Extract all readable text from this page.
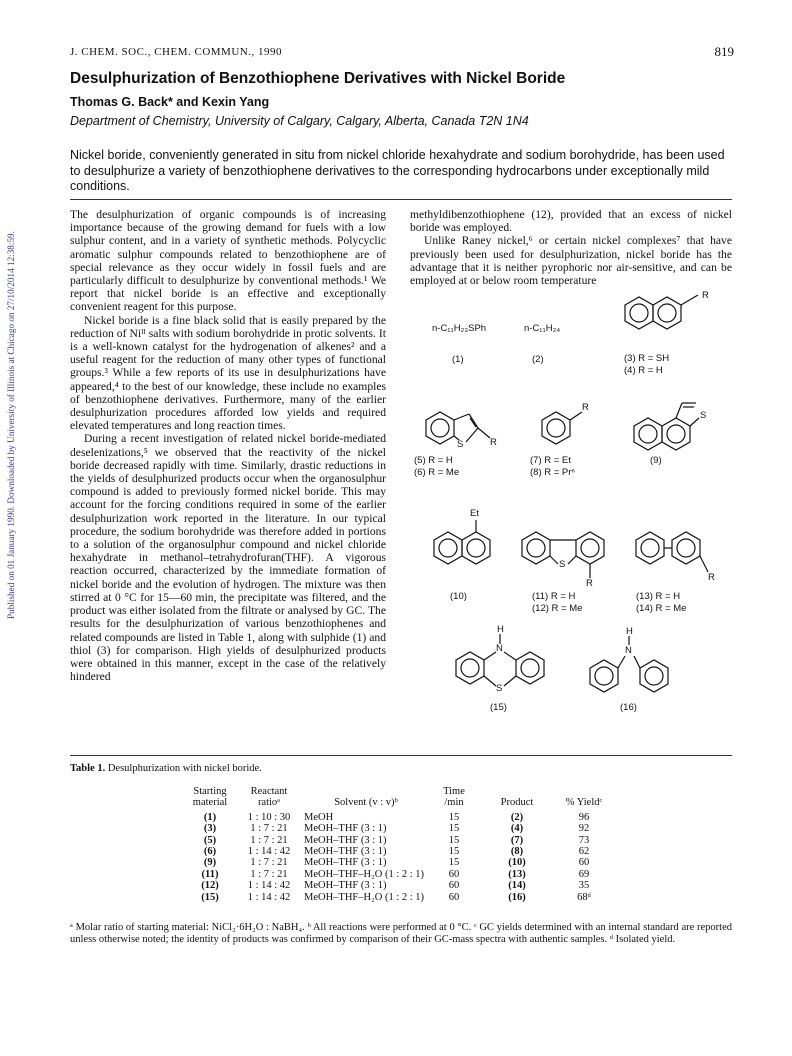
J. CHEM. SOC., CHEM. COMMUN., 1990	819
Desulphurization of Benzothiophene Derivatives with Nickel Boride
Thomas G. Back* and Kexin Yang
Department of Chemistry, University of Calgary, Calgary, Alberta, Canada T2N 1N4
Nickel boride, conveniently generated in situ from nickel chloride hexahydrate and sodium borohydride, has been used to desulphurize a variety of benzothiophene derivatives to the corresponding hydrocarbons under exceptionally mild conditions.
Published on 01 January 1990. Downloaded by University of Illinois at Chicago on 27/10/2014 12:38:59.

The desulphurization of organic compounds is of increasing importance because of the growing demand for fuels with a low sulphur content, and in a variety of synthetic methods. Polycyclic aromatic sulphur compounds related to benzothiophene are of special relevance as they occur widely in fossil fuels and are particularly difficult to desulphurize by conventional methods.¹ We report that nickel boride is an effective and exceptionally convenient reagent for this purpose.

Nickel boride is a fine black solid that is easily prepared by the reduction of Niᴵᴵ salts with sodium borohydride in protic solvents. It is a well-known catalyst for the hydrogenation of alkenes² and a useful reagent for the reduction of many other types of functional groups.³ While a few reports of its use in desulphurizations have appeared,⁴ to the best of our knowledge, these include no examples of benzothiophene derivatives. Furthermore, many of the earlier desulphurization procedures afforded low yields and required elevated temperatures and long reaction times.

During a recent investigation of related nickel boride-mediated deselenizations,⁵ we observed that the reactivity of the nickel boride decreased rapidly with time. Similarly, drastic reductions in the yields of desulphurized products occur when the organosulphur compound is added to previously formed nickel boride. This may account for the forcing conditions required in some of the earlier desulphurization work reported in the literature. In our typical procedure, the sodium borohydride was therefore added in portions to a solution of the organosulphur compound and nickel chloride hexahydrate in methanol–tetrahydrofuran(THF). A vigorous reaction occurred, characterized by the immediate formation of nickel boride and the evolution of hydrogen. The mixture was then stirred at 0 °C for 15—60 min, the precipitate was filtered, and the product was either isolated from the filtrate or analysed by GC. The results for the desulphurization of various benzothiophenes and related compounds are listed in Table 1, along with sulphide (1) and thiol (3) for comparison. High yields of desulphurized products were obtained in this manner, except in the case of the relatively hindered

methyldibenzothiophene (12), provided that an excess of nickel boride was employed.

Unlike Raney nickel,⁶ or certain nickel complexes⁷ that have previously been used for desulphurization, nickel boride has the advantage that it is neither pyrophoric nor air-sensitive, and can be employed at or below room temperature

n-C₁₁H₂₃SPh
(1)
n-C₁₁H₂₄
(2)
R
(3) R = SH
(4) R = H
S	R
(5) R = H
(6) R = Me
R
(7) R = Et
(8) R = Prⁿ
S
(9)
Et
(10)
S
R
(11) R = H
(12) R = Me
R
(13) R = H
(14) R = Me
H
N
S
(15)
H
N
(16)
Table 1. Desulphurization with nickel boride.
Starting	Reactant		Time		
material	ratioᵃ	Solvent (v : v)ᵇ	/min	Product	% Yieldᶜ
(1)	1 : 10 : 30	MeOH	15	(2)	96
(3)	1 : 7 : 21	MeOH–THF (3 : 1)	15	(4)	92
(5)	1 : 7 : 21	MeOH–THF (3 : 1)	15	(7)	73
(6)	1 : 14 : 42	MeOH–THF (3 : 1)	15	(8)	62
(9)	1 : 7 : 21	MeOH–THF (3 : 1)	15	(10)	60
(11)	1 : 7 : 21	MeOH–THF–H₂O (1 : 2 : 1)	60	(13)	69
(12)	1 : 14 : 42	MeOH–THF (3 : 1)	60	(14)	35
(15)	1 : 14 : 42	MeOH–THF–H₂O (1 : 2 : 1)	60	(16)	68ᵈ
ᵃ Molar ratio of starting material: NiCl₂·6H₂O : NaBH₄. ᵇ All reactions were performed at 0 °C. ᶜ GC yields determined with an internal standard are reported unless otherwise noted; the identity of products was confirmed by comparison of their GC-mass spectra with authentic samples. ᵈ Isolated yield.
